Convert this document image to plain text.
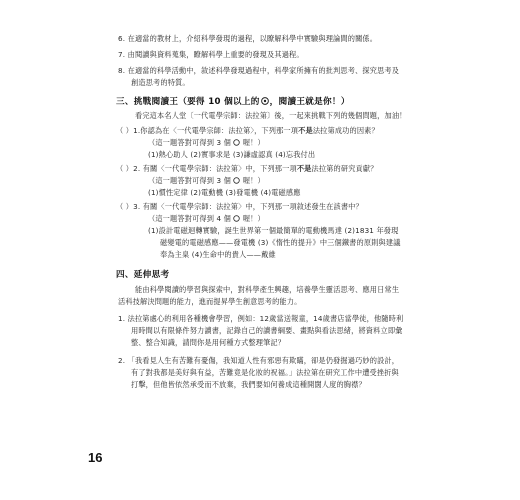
6. 在適當的教材上，介紹科學發現的過程，以瞭解科學中實驗與理論間的關係。
7. 由閱讀與資料蒐集，瞭解科學上重要的發現及其過程。
8. 在適當的科學活動中，敘述科學發現過程中，科學家所擁有的批判思考、探究思考及
創造思考的特質。
三、挑戰閱讀王（要得 10 個以上的 ，閱讀王就是你！）
看完這本名人堂〔一代電學宗師：法拉第〕後，一起來挑戰下列的幾個問題，加油！
（ ）1.你認為在〈一代電學宗師：法拉第〉，下列那一項不是法拉第成功的因素？
（這一題答對可得到 3 個 喔！）
(1)熱心助人 (2)實事求是 (3)謙虛認真 (4)忘我付出
（ ）2. 有關〈一代電學宗師：法拉第〉中，下列那一項不是法拉第的研究貢獻？
（這一題答對可得到 3 個 喔！）
(1)慣性定律 (2)電動機 (3)發電機 (4)電磁感應
（ ）3. 有關〈一代電學宗師：法拉第〉中，下列那一項敘述發生在該書中？
（這一題答對可得到 4 個 喔！）
(1)設計電磁迴轉實驗，誕生世界第一個最簡單的電動機馬達 (2)1831 年發現
磁變電的電磁感應——發電機 (3)《惰性的提升》中三個鐵書的原則與建議
奉為主臬 (4)生命中的貴人——戴維
四、延伸思考
能由科學閱讀的學習與探索中，對科學產生興趣，培養學生靈活思考、應用日常生
活科技解決問題的能力，進而提昇學生創意思考的能力。
1. 法拉第處心的利用各種機會學習，例如：12歲當送報童，14歲書店當學徒，他隨時利
用時間以有限條件努力讀書，記錄自己的讀書綱要、畫點與看法思緒，將資料立即彙
整、整合知識，請問你是用何種方式整理筆記？
2. 「我看見人生有苦難有憂傷，我知道人性有邪惡有欺瞞，卻是仍發掘過巧妙的設計，
有了對我都是美好與有益，苦難竟是化妝的祝福。」法拉第在研究工作中遭受挫折與
打擊，但他皆依然承受而不放棄，我們要如何養成這種開闊人度的胸襟？
16
